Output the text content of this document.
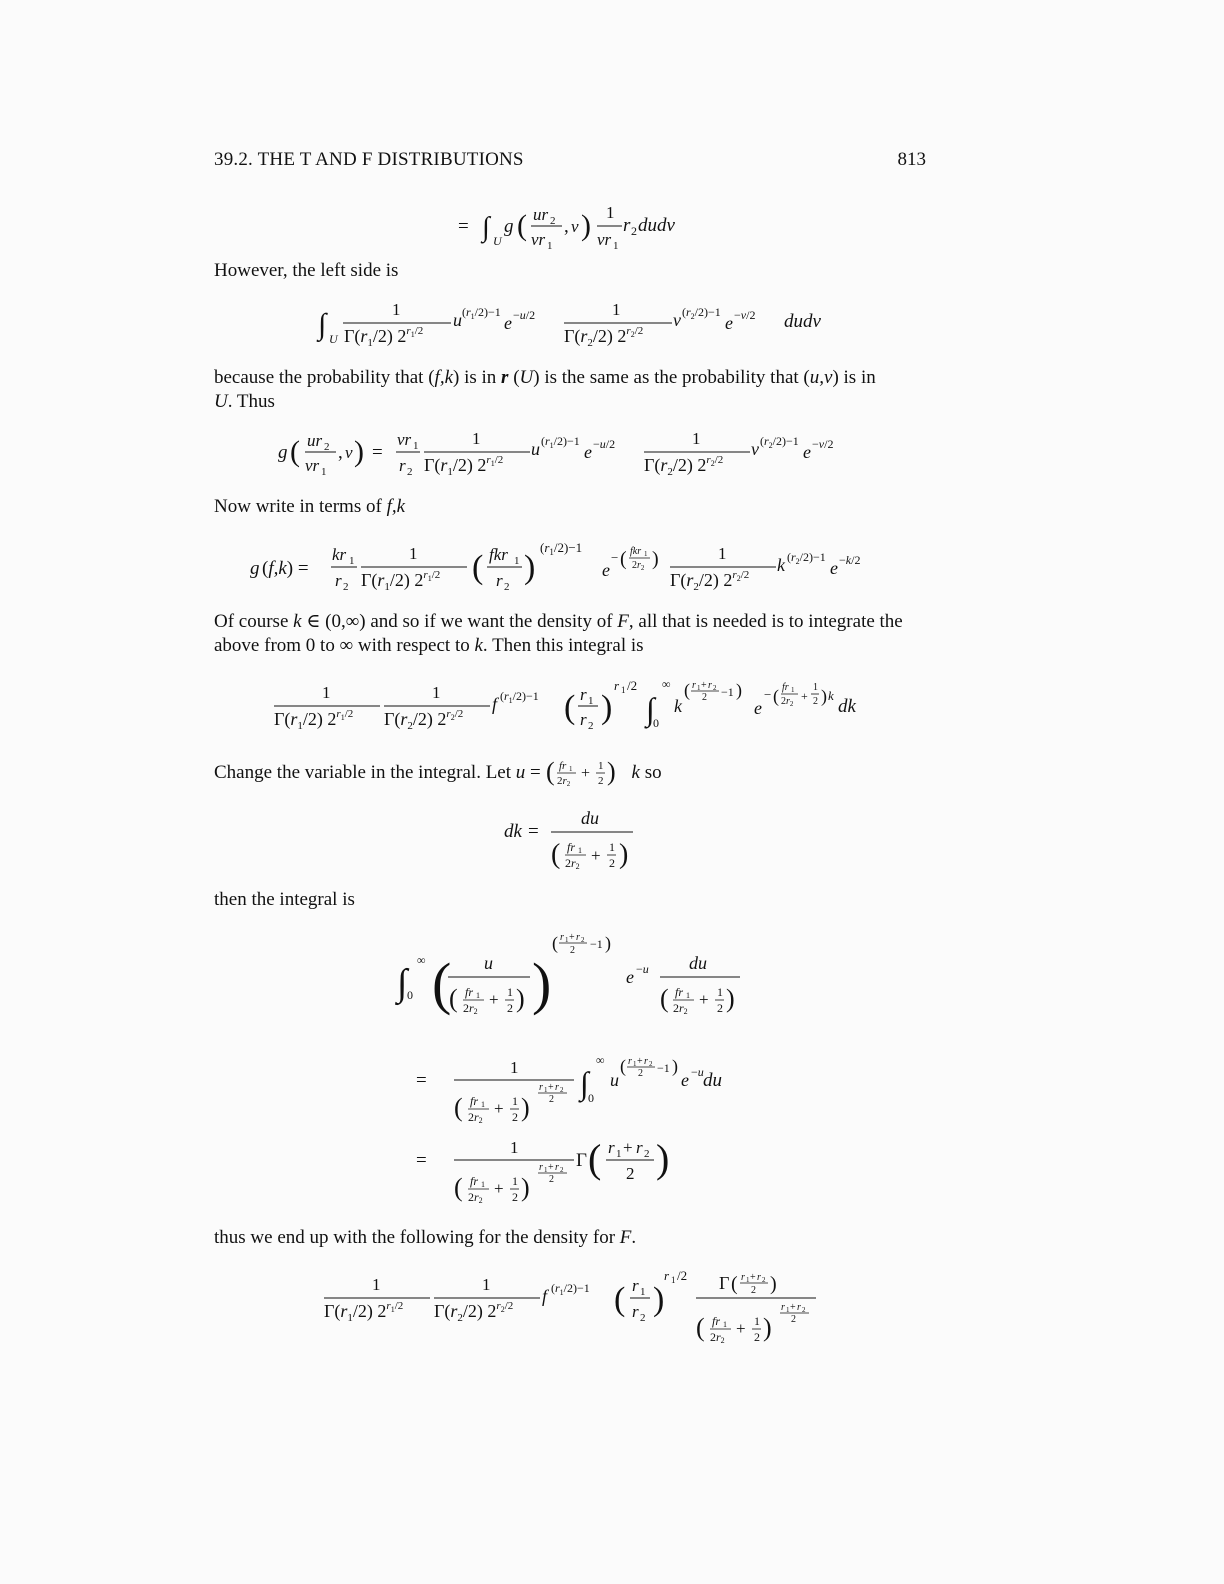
39.2. THE T AND F DISTRIBUTIONS	813
= ∫ U
g ( ur 2
vr 1
, v ) 1
vr 1
r 2 dudv
However, the left side is
∫ U
1
$\Gamma(r_1/2)$ 2$^r$1/2
u $(r_1/2)-1$
e −u/2	1
$\Gamma(r_2/2)$ 2$^r$2/2
v $(r_2/2)-1$
e −v/2 dudv
because the probability that (f,k) is in r (U) is the same as the probability that (u,v) is in
U. Thus
g ( ur 2
vr 1
, v ) =
vr 1
r 2
1
$\Gamma(r_1/2)$ 2$^r$1/2
u $(r_1/2)-1$
e −u/2	1
$\Gamma(r_2/2)$ 2$^r$2/2
v $(r_2/2)-1$
e −v/2
Now write in terms of f,k
g (f,k) =
kr 1
r 2
1
$\Gamma(r_1/2)$ 2$^r$1/2 ( fkr 1
r 2
)
$(r_1/2)-1$
e
− ( fkr 1
$2r_2$ )	1
$\Gamma(r_2/2)$ 2$^r$2/2 k $(r_2/2)-1$
e −k/2
Of course k ∈ (0,∞) and so if we want the density of F, all that is needed is to integrate the
above from 0 to ∞ with respect to k. Then this integral is
1
$\Gamma(r_1/2)$ 2$^r$1/2
1
$\Gamma(r_2/2)$ 2$^r$2/2 f $(r_1/2)-1$ ( r 1
r 2 )
r 1 /2
∫
∞
0
k
( r 1 + r 2
2 −1 )
e
− ( fr 1
$2r_2$
+
1
2 ) k
dk
Change the variable in the integral. Let u = ( fr 1
2r2
+ 1
2 ) k so
dk =
du
( fr 1
2r2
+ 1
2 )
then the integral is
∫
∞
0 ( u
( fr 1
2r2
+ 1
2 ) )
( r 1 + r 2
2 −1 )
e −u du
( fr 1
2r2
+ 1
2 )
=
1
( fr 1
2r2
+ 1
2 )
r 1 + r 2
2 ∫
∞
0
u
( r 1 + r 2
2 −1 )
e −u du
=
1
( fr 1
2r2
+ 1
2 )
r 1 + r 2
2
Γ ( r 1 + r 2
2 )
thus we end up with the following for the density for F.
1
$\Gamma(r_1/2)$ 2$^r$1/2
1
$\Gamma(r_2/2)$ 2$^r$2/2 f $(r_1/2)-1$ ( r 1
r 2 )
r 1 /2 Γ ( r 1 + r 2
2 )
( fr 1
2r2
+ 1
2 )
r 1 + r 2
2
